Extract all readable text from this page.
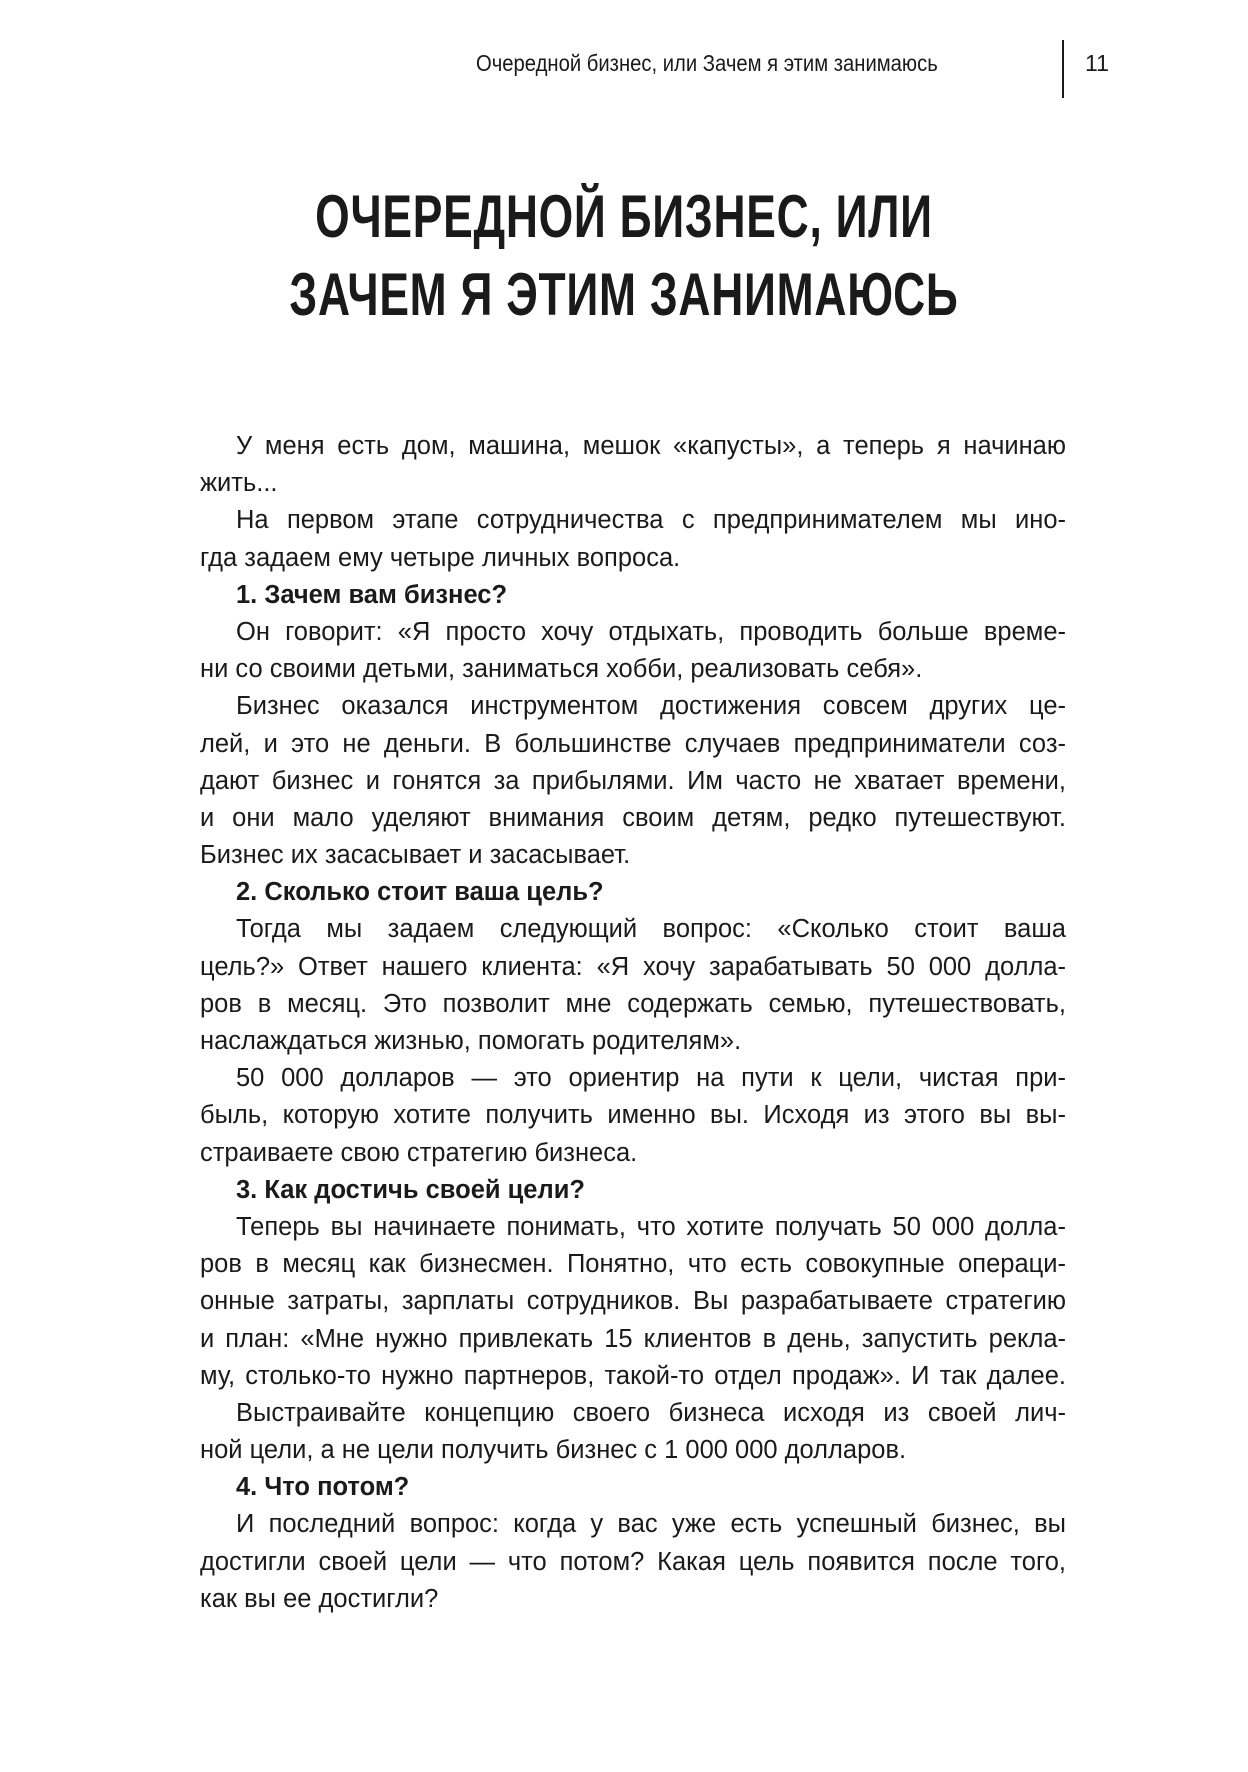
Очередной бизнес, или Зачем я этим занимаюсь	11
ОЧЕРЕДНОЙ БИЗНЕС, ИЛИ
ЗАЧЕМ Я ЭТИМ ЗАНИМАЮСЬ
У меня есть дом, машина, мешок «капусты», а теперь я начинаю
жить...
На первом этапе сотрудничества с предпринимателем мы ино-
гда задаем ему четыре личных вопроса.
1. Зачем вам бизнес?
Он говорит: «Я просто хочу отдыхать, проводить больше време-
ни со своими детьми, заниматься хобби, реализовать себя».
Бизнес оказался инструментом достижения совсем других це-
лей, и это не деньги. В большинстве случаев предприниматели соз-
дают бизнес и гонятся за прибылями. Им часто не хватает времени,
и они мало уделяют внимания своим детям, редко путешествуют.
Бизнес их засасывает и засасывает.
2. Сколько стоит ваша цель?
Тогда мы задаем следующий вопрос: «Сколько стоит ваша
цель?» Ответ нашего клиента: «Я хочу зарабатывать 50 000 долла-
ров в месяц. Это позволит мне содержать семью, путешествовать,
наслаждаться жизнью, помогать родителям».
50 000 долларов — это ориентир на пути к цели, чистая при-
быль, которую хотите получить именно вы. Исходя из этого вы вы-
страиваете свою стратегию бизнеса.
3. Как достичь своей цели?
Теперь вы начинаете понимать, что хотите получать 50 000 долла-
ров в месяц как бизнесмен. Понятно, что есть совокупные операци-
онные затраты, зарплаты сотрудников. Вы разрабатываете стратегию
и план: «Мне нужно привлекать 15 клиентов в день, запустить рекла-
му, столько-то нужно партнеров, такой-то отдел продаж». И так далее.
Выстраивайте концепцию своего бизнеса исходя из своей лич-
ной цели, а не цели получить бизнес с 1 000 000 долларов.
4. Что потом?
И последний вопрос: когда у вас уже есть успешный бизнес, вы
достигли своей цели — что потом? Какая цель появится после того,
как вы ее достигли?
